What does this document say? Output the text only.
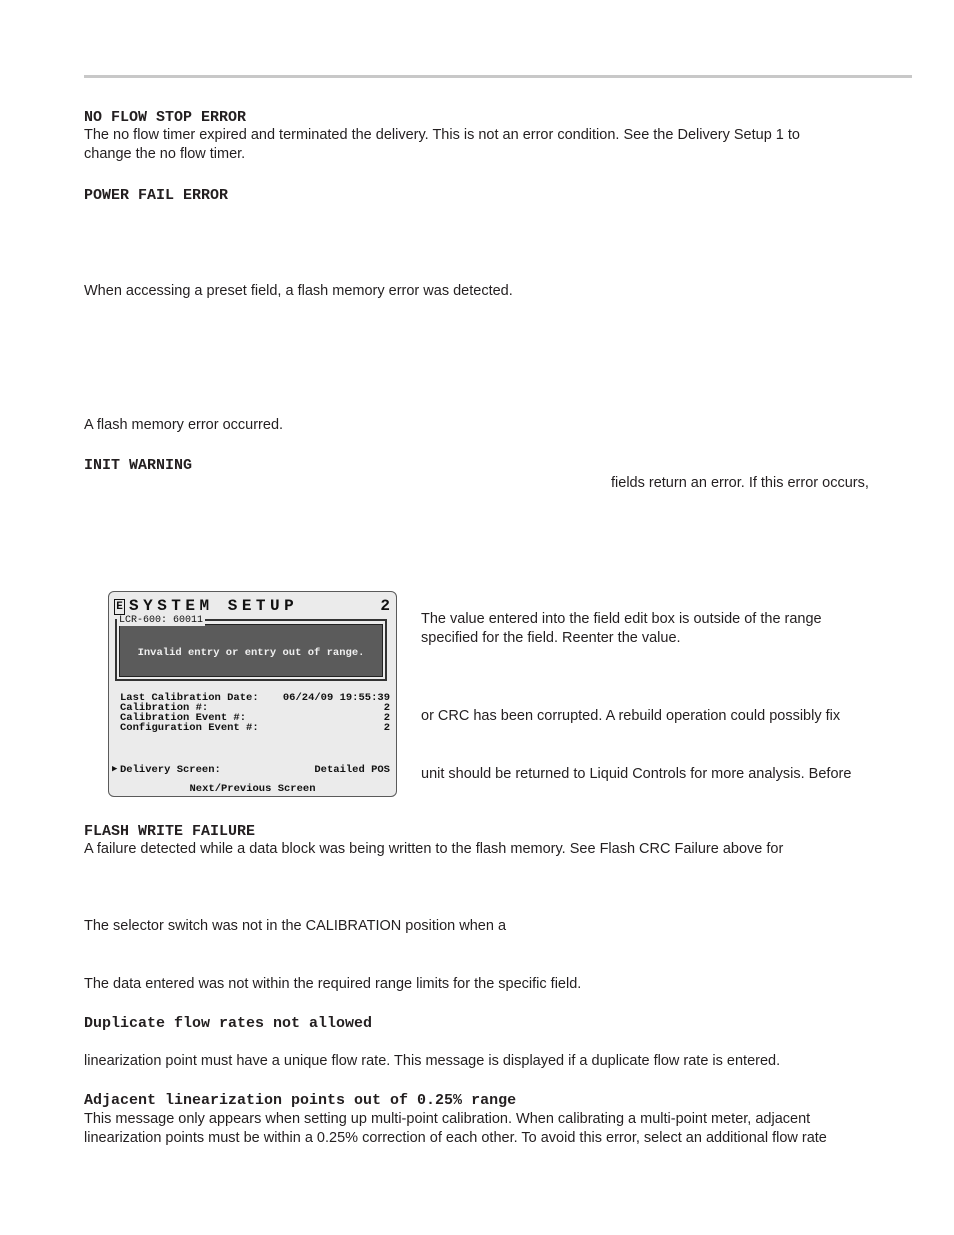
NO FLOW STOP ERROR
The no flow timer expired and terminated the delivery. This is not an error condition. See the Delivery Setup 1 to
change the no flow timer.
POWER FAIL ERROR
When accessing a preset field, a flash memory error was detected.
A flash memory error occurred.
INIT WARNING
fields return an error. If this error occurs,
E SYSTEM SETUP	2
Invalid entry or entry out of range.
LCR-600: 60011
Last Calibration Date: 06/24/09 19:55:39
Calibration #:	2
Calibration Event #:	2
Configuration Event #:	2
▶ Delivery Screen:	Detailed POS
Next/Previous Screen
The value entered into the field edit box is outside of the range
specified for the field. Reenter the value.
or CRC has been corrupted. A rebuild operation could possibly fix
unit should be returned to Liquid Controls for more analysis. Before
FLASH WRITE FAILURE
A failure detected while a data block was being written to the flash memory. See Flash CRC Failure above for
The selector switch was not in the CALIBRATION position when a
The data entered was not within the required range limits for the specific field.
Duplicate flow rates not allowed
linearization point must have a unique flow rate. This message is displayed if a duplicate flow rate is entered.
Adjacent linearization points out of 0.25% range
This message only appears when setting up multi-point calibration. When calibrating a multi-point meter, adjacent
linearization points must be within a 0.25% correction of each other. To avoid this error, select an additional flow rate
